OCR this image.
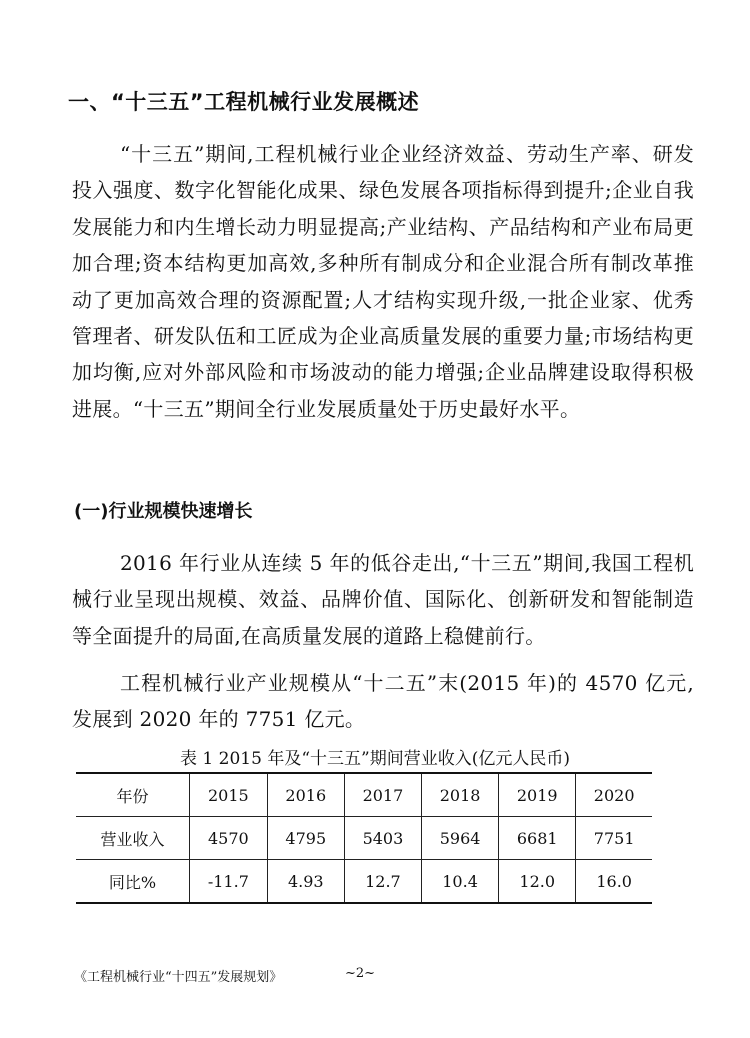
一、“十三五”工程机械行业发展概述
“十三五”期间,工程机械行业企业经济效益、劳动生产率、研发投入强度、数字化智能化成果、绿色发展各项指标得到提升;企业自我发展能力和内生增长动力明显提高;产业结构、产品结构和产业布局更加合理;资本结构更加高效,多种所有制成分和企业混合所有制改革推动了更加高效合理的资源配置;人才结构实现升级,一批企业家、优秀管理者、研发队伍和工匠成为企业高质量发展的重要力量;市场结构更加均衡,应对外部风险和市场波动的能力增强;企业品牌建设取得积极进展。“十三五”期间全行业发展质量处于历史最好水平。
(一)行业规模快速增长
2016 年行业从连续 5 年的低谷走出,“十三五”期间,我国工程机械行业呈现出规模、效益、品牌价值、国际化、创新研发和智能制造等全面提升的局面,在高质量发展的道路上稳健前行。
工程机械行业产业规模从“十二五”末(2015 年)的 4570 亿元,发展到 2020 年的 7751 亿元。
表 1 2015 年及“十三五”期间营业收入(亿元人民币)
年份	2015	2016	2017	2018	2019	2020
营业收入	4570	4795	5403	5964	6681	7751
同比%	-11.7	4.93	12.7	10.4	12.0	16.0
《工程机械行业“十四五”发展规划》	~2~
